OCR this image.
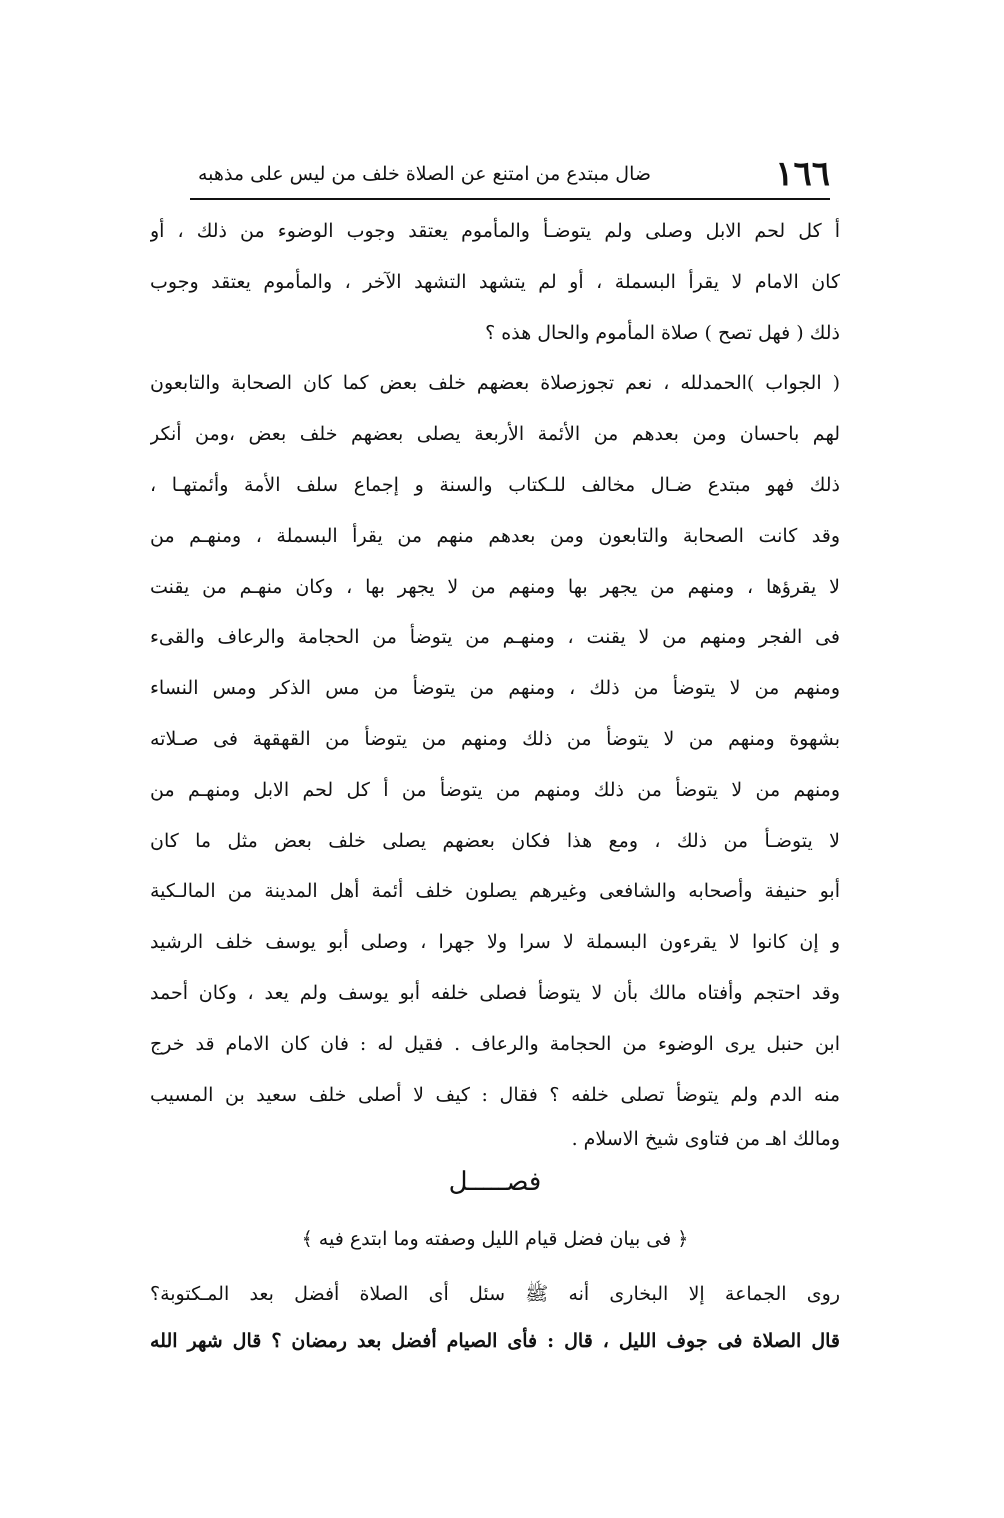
١٦٦
ضال مبتدع من امتنع عن الصلاة خلف من ليس على مذهبه
أ كل لحم الابل وصلى ولم يتوضـأ والمأموم يعتقد وجوب الوضوء من ذلك ، أو
كان الامام لا يقرأ البسملة ، أو لم يتشهد التشهد الآخر ، والمأموم يعتقد وجوب
ذلك ( فهل تصح ) صلاة المأموم والحال هذه ؟
( الجواب )الحمدلله ، نعم تجوزصلاة بعضهم خلف بعض كما كان الصحابة والتابعون
لهم باحسان ومن بعدهم من الأئمة الأربعة يصلى بعضهم خلف بعض ،ومن أنكر
ذلك فهو مبتدع ضـال مخالف للـكتاب والسنة و إجماع سلف الأمة وأئمتهـا ،
وقد كانت الصحابة والتابعون ومن بعدهم منهم من يقرأ البسملة ، ومنهـم من
لا يقرؤها ، ومنهم من يجهر بها ومنهم من لا يجهر بها ، وكان منهـم من يقنت
فى الفجر ومنهم من لا يقنت ، ومنهـم من يتوضأ من الحجامة والرعاف والقىء
ومنهم من لا يتوضأ من ذلك ، ومنهم من يتوضأ من مس الذكر ومس النساء
بشهوة ومنهم من لا يتوضأ من ذلك ومنهم من يتوضأ من القهقهة فى صـلاته
ومنهم من لا يتوضأ من ذلك ومنهم من يتوضأ من أ كل لحم الابل ومنهـم من
لا يتوضـأ من ذلك ، ومع هذا فكان بعضهم يصلى خلف بعض مثل ما كان
أبو حنيفة وأصحابه والشافعى وغيرهم يصلون خلف أئمة أهل المدينة من المالـكية
و إن كانوا لا يقرءون البسملة لا سرا ولا جهرا ، وصلى أبو يوسف خلف الرشيد
وقد احتجم وأفتاه مالك بأن لا يتوضأ فصلى خلفه أبو يوسف ولم يعد ، وكان أحمد
ابن حنبل يرى الوضوء من الحجامة والرعاف . فقيل له : فان كان الامام قد خرج
منه الدم ولم يتوضأ تصلى خلفه ؟ فقال : كيف لا أصلى خلف سعيد بن المسيب
ومالك اهـ من فتاوى شيخ الاسلام .
فصـــــل
﴿ فى بيان فضل قيام الليل وصفته وما ابتدع فيه ﴾
روى الجماعة إلا البخارى أنه ﷺ سئل أى الصلاة أفضل بعد المـكتوبة؟
قال الصلاة فى جوف الليل ، قال : فأى الصيام أفضل بعد رمضان ؟ قال شهر الله
